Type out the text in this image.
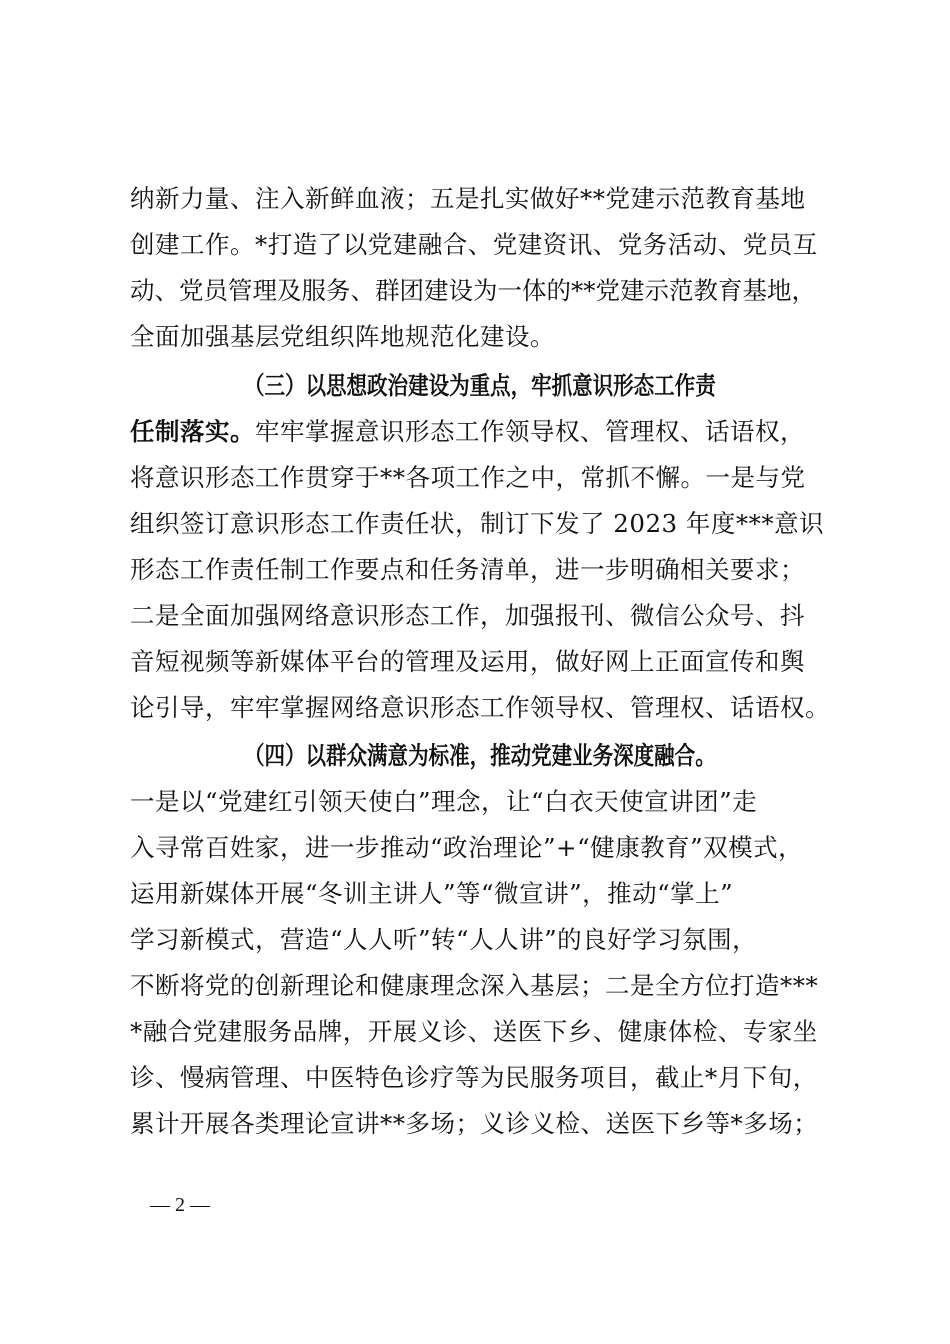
纳新力量、注入新鲜血液；五是扎实做好**党建示范教育基地
创建工作。*打造了以党建融合、党建资讯、党务活动、党员互
动、党员管理及服务、群团建设为一体的**党建示范教育基地，
全面加强基层党组织阵地规范化建设。
（三）以思想政治建设为重点，牢抓意识形态工作责
任制落实。牢牢掌握意识形态工作领导权、管理权、话语权，
将意识形态工作贯穿于**各项工作之中，常抓不懈。一是与党
组织签订意识形态工作责任状，制订下发了 2023 年度***意识
形态工作责任制工作要点和任务清单，进一步明确相关要求；
二是全面加强网络意识形态工作，加强报刊、微信公众号、抖
音短视频等新媒体平台的管理及运用，做好网上正面宣传和舆
论引导，牢牢掌握网络意识形态工作领导权、管理权、话语权。
（四）以群众满意为标准，推动党建业务深度融合。
一是以“党建红引领天使白”理念，让“白衣天使宣讲团”走
入寻常百姓家，进一步推动“政治理论”+“健康教育”双模式，
运用新媒体开展“冬训主讲人”等“微宣讲”，推动“掌上”
学习新模式，营造“人人听”转“人人讲”的良好学习氛围，
不断将党的创新理论和健康理念深入基层；二是全方位打造***
*融合党建服务品牌，开展义诊、送医下乡、健康体检、专家坐
诊、慢病管理、中医特色诊疗等为民服务项目，截止*月下旬，
累计开展各类理论宣讲**多场；义诊义检、送医下乡等*多场；
— 2 —
